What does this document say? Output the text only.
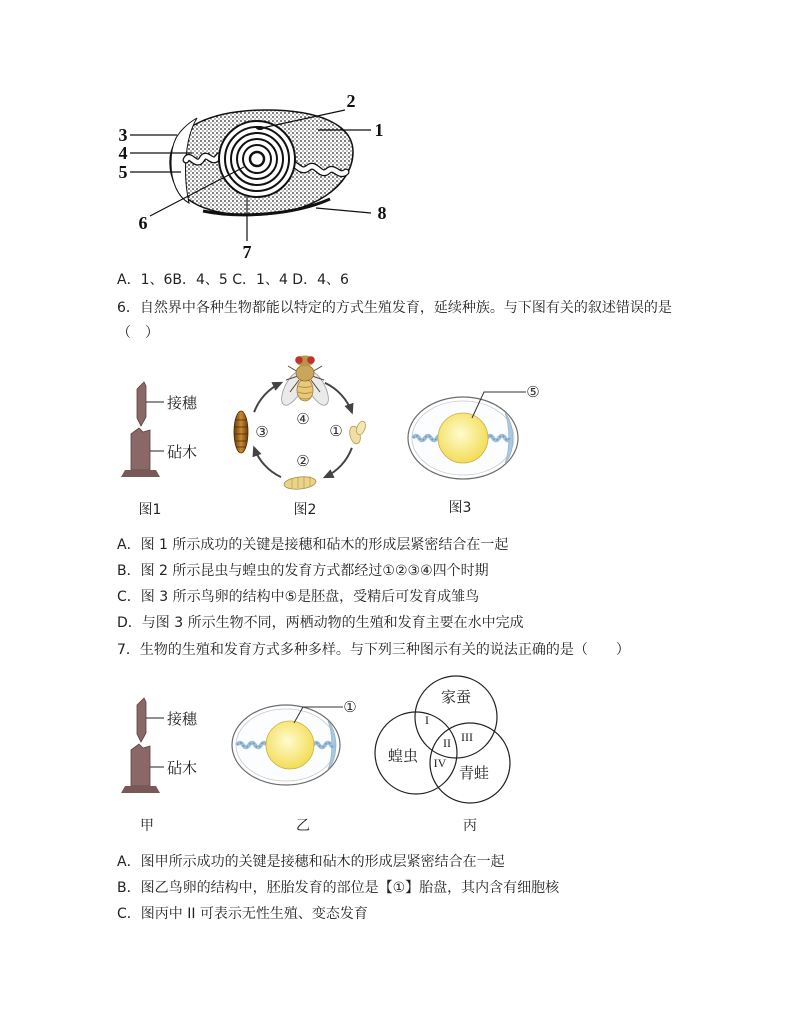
1
2
3
4
5
6
7
8
A．1、6B．4、5 C．1、4 D．4、6
6．自然界中各种生物都能以特定的方式生殖发育，延续种族。与下图有关的叙述错误的是
（　）
接穗
砧木
④
③	①
②
⑤
图1	图2	图3
A．图 1 所示成功的关键是接穗和砧木的形成层紧密结合在一起
B．图 2 所示昆虫与蝗虫的发育方式都经过①②③④四个时期
C．图 3 所示鸟卵的结构中⑤是胚盘，受精后可发育成雏鸟
D．与图 3 所示生物不同，两栖动物的生殖和发育主要在水中完成
7．生物的生殖和发育方式多种多样。与下列三种图示有关的说法正确的是（　　）
接穗
砧木
①
家蚕
蝗虫
青蛙
I
II III
IV
甲	乙	丙
A．图甲所示成功的关键是接穗和砧木的形成层紧密结合在一起
B．图乙鸟卵的结构中，胚胎发育的部位是【①】胎盘，其内含有细胞核
C．图丙中 II 可表示无性生殖、变态发育
